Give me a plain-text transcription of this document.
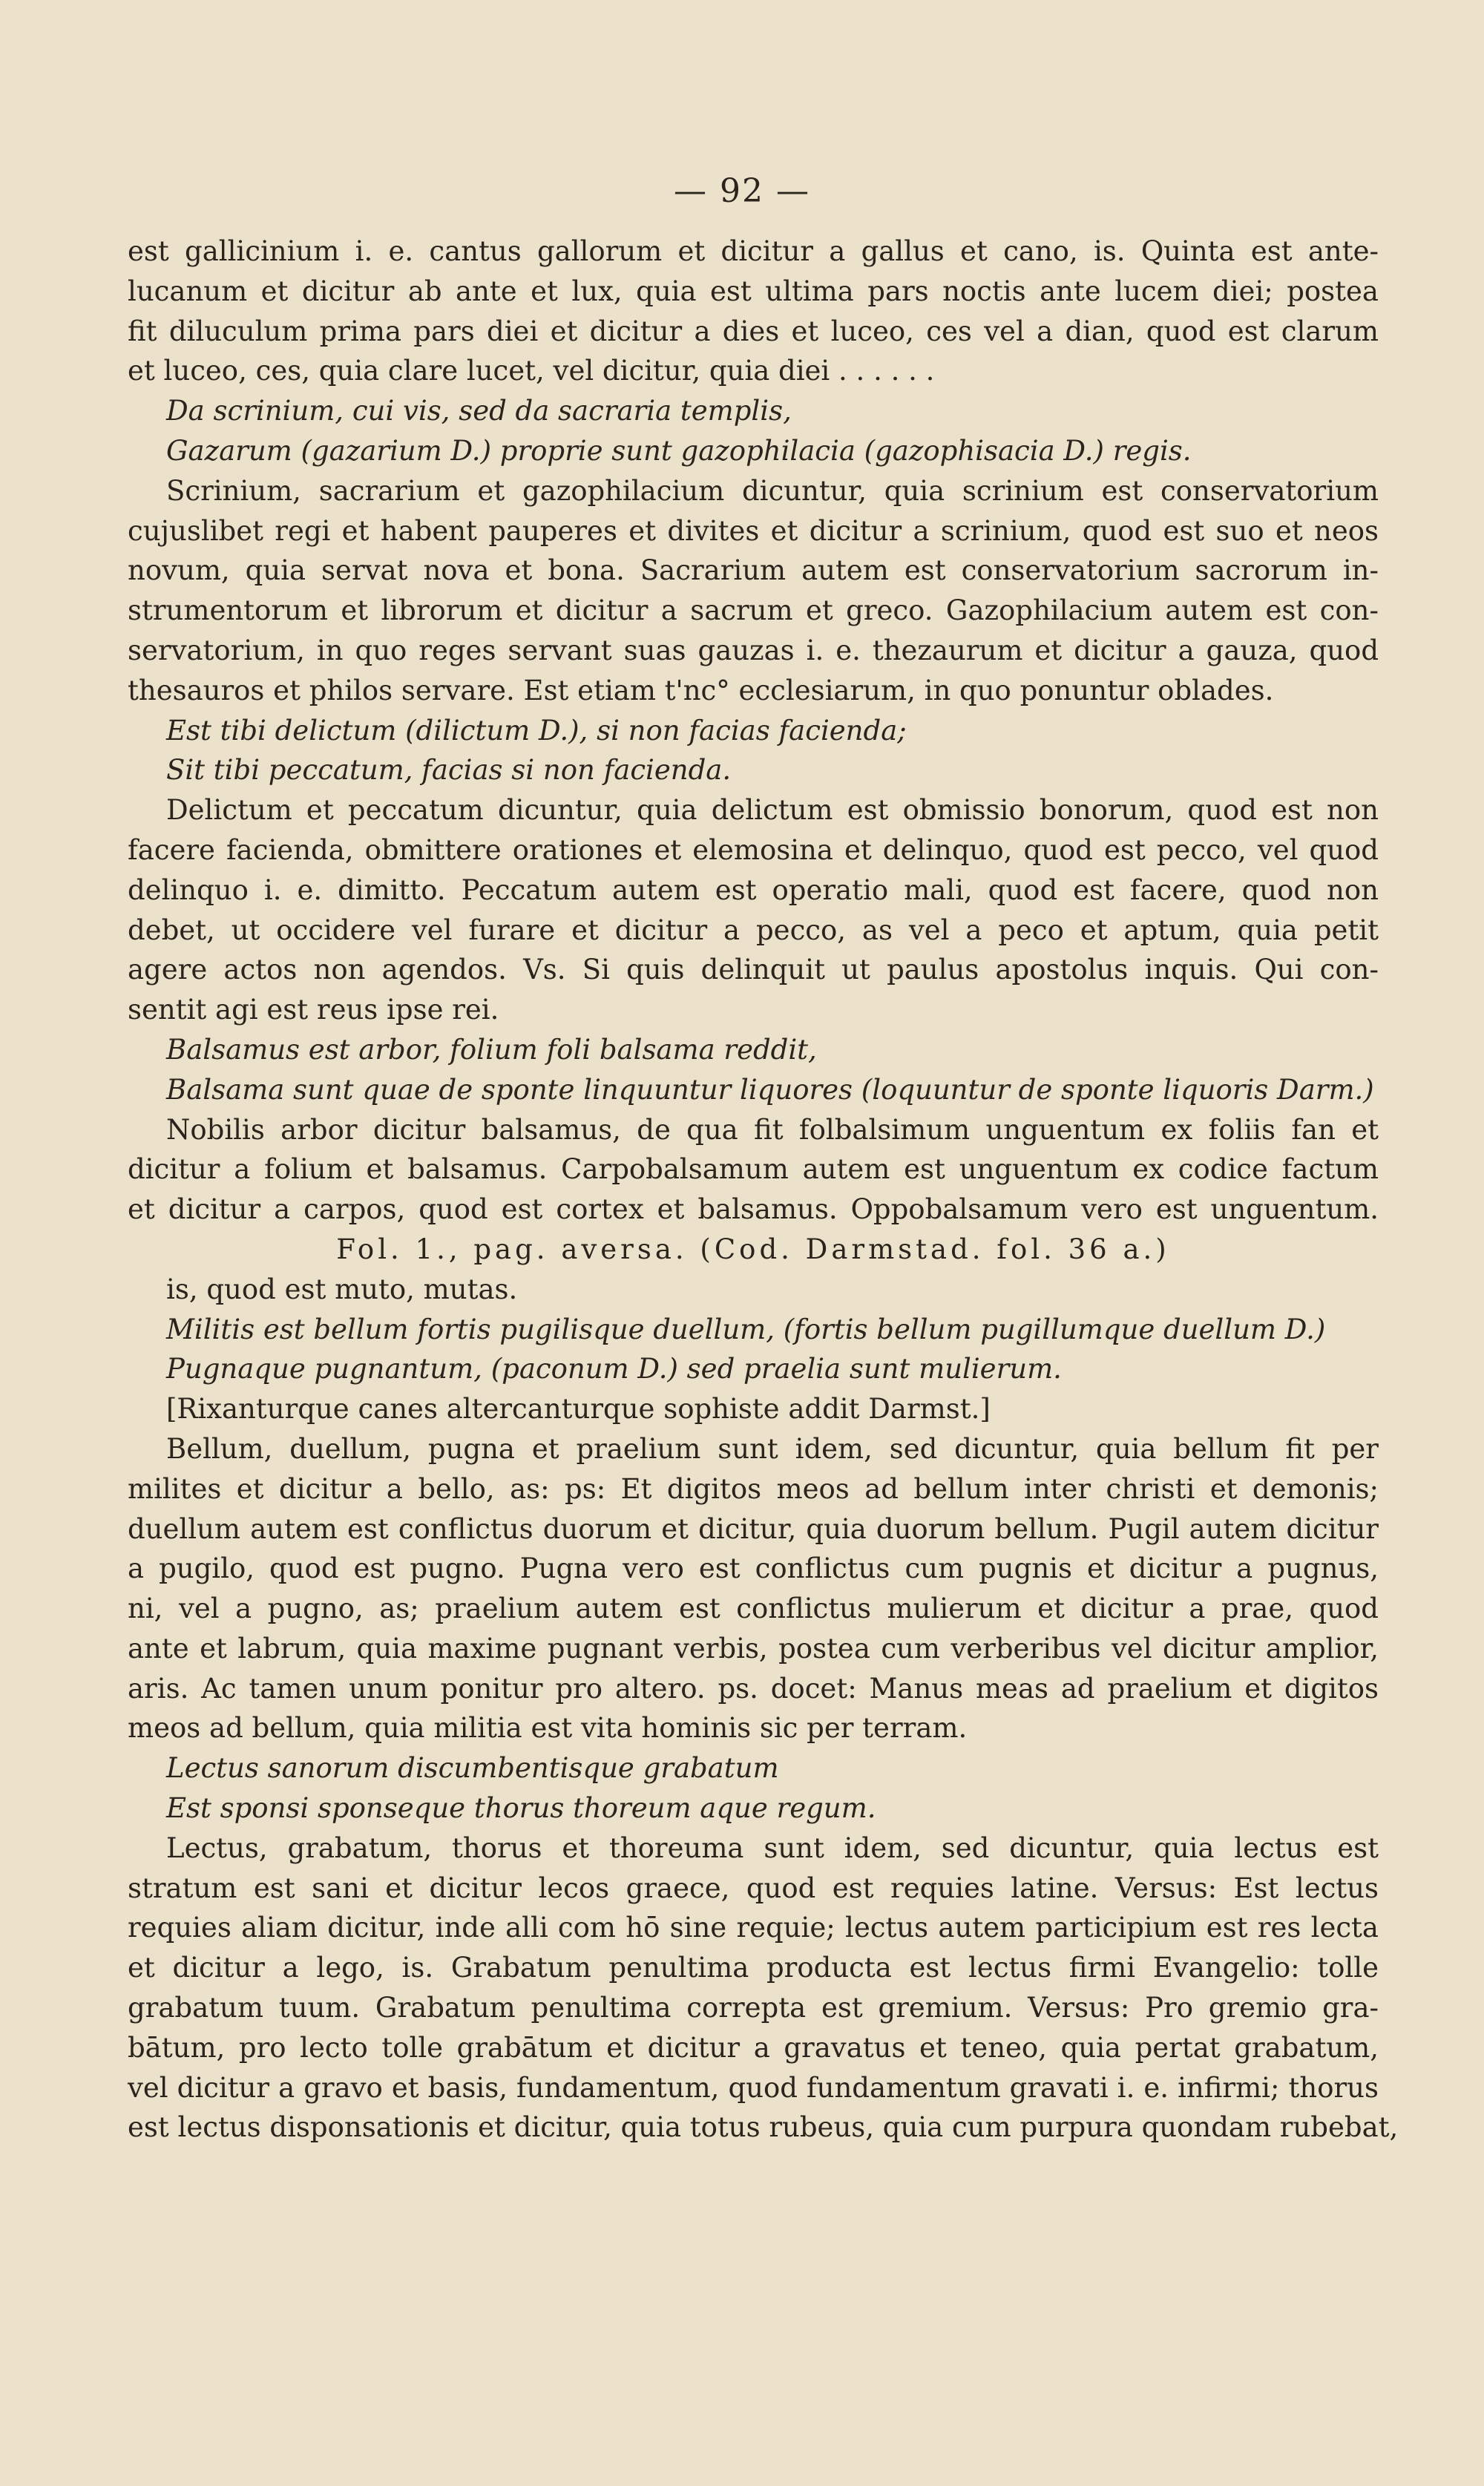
— 92 —
est gallicinium i. e. cantus gallorum et dicitur a gallus et cano, is. Quinta est ante-
lucanum et dicitur ab ante et lux, quia est ultima pars noctis ante lucem diei; postea
fit diluculum prima pars diei et dicitur a dies et luceo, ces vel a dian, quod est clarum
et luceo, ces, quia clare lucet, vel dicitur, quia diei . . . . . .
Da scrinium, cui vis, sed da sacraria templis,
Gazarum (gazarium D.) proprie sunt gazophilacia (gazophisacia D.) regis.
Scrinium, sacrarium et gazophilacium dicuntur, quia scrinium est conservatorium
cujuslibet regi et habent pauperes et divites et dicitur a scrinium, quod est suo et neos
novum, quia servat nova et bona. Sacrarium autem est conservatorium sacrorum in-
strumentorum et librorum et dicitur a sacrum et greco. Gazophilacium autem est con-
servatorium, in quo reges servant suas gauzas i. e. thezaurum et dicitur a gauza, quod
thesauros et philos servare. Est etiam t'nc° ecclesiarum, in quo ponuntur oblades.
Est tibi delictum (dilictum D.), si non facias facienda;
Sit tibi peccatum, facias si non facienda.
Delictum et peccatum dicuntur, quia delictum est obmissio bonorum, quod est non
facere facienda, obmittere orationes et elemosina et delinquo, quod est pecco, vel quod
delinquo i. e. dimitto. Peccatum autem est operatio mali, quod est facere, quod non
debet, ut occidere vel furare et dicitur a pecco, as vel a peco et aptum, quia petit
agere actos non agendos. Vs. Si quis delinquit ut paulus apostolus inquis. Qui con-
sentit agi est reus ipse rei.
Balsamus est arbor, folium foli balsama reddit,
Balsama sunt quae de sponte linquuntur liquores (loquuntur de sponte liquoris Darm.)
Nobilis arbor dicitur balsamus, de qua fit folbalsimum unguentum ex foliis fan et
dicitur a folium et balsamus. Carpobalsamum autem est unguentum ex codice factum
et dicitur a carpos, quod est cortex et balsamus. Oppobalsamum vero est unguentum.
Fol. 1., pag. aversa. (Cod. Darmstad. fol. 36 a.)
is, quod est muto, mutas.
Militis est bellum fortis pugilisque duellum, (fortis bellum pugillumque duellum D.)
Pugnaque pugnantum, (paconum D.) sed praelia sunt mulierum.
[Rixanturque canes altercanturque sophiste addit Darmst.]
Bellum, duellum, pugna et praelium sunt idem, sed dicuntur, quia bellum fit per
milites et dicitur a bello, as: ps: Et digitos meos ad bellum inter christi et demonis;
duellum autem est conflictus duorum et dicitur, quia duorum bellum. Pugil autem dicitur
a pugilo, quod est pugno. Pugna vero est conflictus cum pugnis et dicitur a pugnus,
ni, vel a pugno, as; praelium autem est conflictus mulierum et dicitur a prae, quod
ante et labrum, quia maxime pugnant verbis, postea cum verberibus vel dicitur amplior,
aris. Ac tamen unum ponitur pro altero. ps. docet: Manus meas ad praelium et digitos
meos ad bellum, quia militia est vita hominis sic per terram.
Lectus sanorum discumbentisque grabatum
Est sponsi sponseque thorus thoreum aque regum.
Lectus, grabatum, thorus et thoreuma sunt idem, sed dicuntur, quia lectus est
stratum est sani et dicitur lecos graece, quod est requies latine. Versus: Est lectus
requies aliam dicitur, inde alli com hō sine requie; lectus autem participium est res lecta
et dicitur a lego, is. Grabatum penultima producta est lectus firmi Evangelio: tolle
grabatum tuum. Grabatum penultima correpta est gremium. Versus: Pro gremio gra-
bātum, pro lecto tolle grabātum et dicitur a gravatus et teneo, quia pertat grabatum,
vel dicitur a gravo et basis, fundamentum, quod fundamentum gravati i. e. infirmi; thorus
est lectus disponsationis et dicitur, quia totus rubeus, quia cum purpura quondam rubebat,
